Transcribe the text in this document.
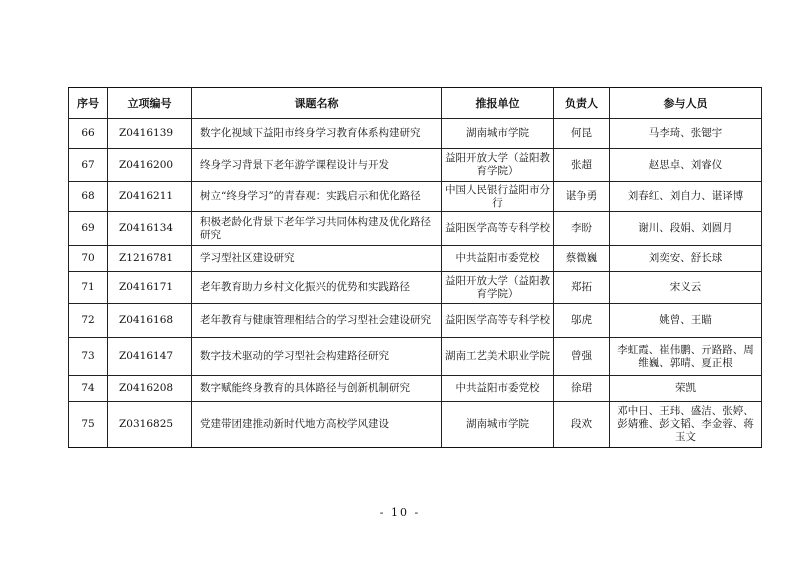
序号	立项编号	课题名称	推报单位	负责人	参与人员
66	Z0416139	数字化视域下益阳市终身学习教育体系构建研究	湖南城市学院	何昆	马李琦、张锶宇
67	Z0416200	终身学习背景下老年游学课程设计与开发	益阳开放大学（益阳教育学院）	张超	赵思卓、刘睿仪
68	Z0416211	树立“终身学习”的青春观：实践启示和优化路径	中国人民银行益阳市分行	谌争勇	刘春红、刘自力、谌译博
69	Z0416134	积极老龄化背景下老年学习共同体构建及优化路径研究	益阳医学高等专科学校	李盼	谢川、段娟、刘圆月
70	Z1216781	学习型社区建设研究	中共益阳市委党校	蔡微巍	刘奕安、舒长球
71	Z0416171	老年教育助力乡村文化振兴的优势和实践路径	益阳开放大学（益阳教育学院）	郑拓	宋义云
72	Z0416168	老年教育与健康管理相结合的学习型社会建设研究	益阳医学高等专科学校	邬虎	姚曾、王瞄
73	Z0416147	数字技术驱动的学习型社会构建路径研究	湖南工艺美术职业学院	曾强	李虹霞、崔伟鹏、亓路路、周维巍、郭晴、夏正根
74	Z0416208	数字赋能终身教育的具体路径与创新机制研究	中共益阳市委党校	徐珺	荣凯
75	Z0316825	党建带团建推动新时代地方高校学风建设	湖南城市学院	段欢	邓中日、王玮、盛洁、张婷、彭婧雅、彭文韬、李金蓉、蒋玉文
- 10 -
